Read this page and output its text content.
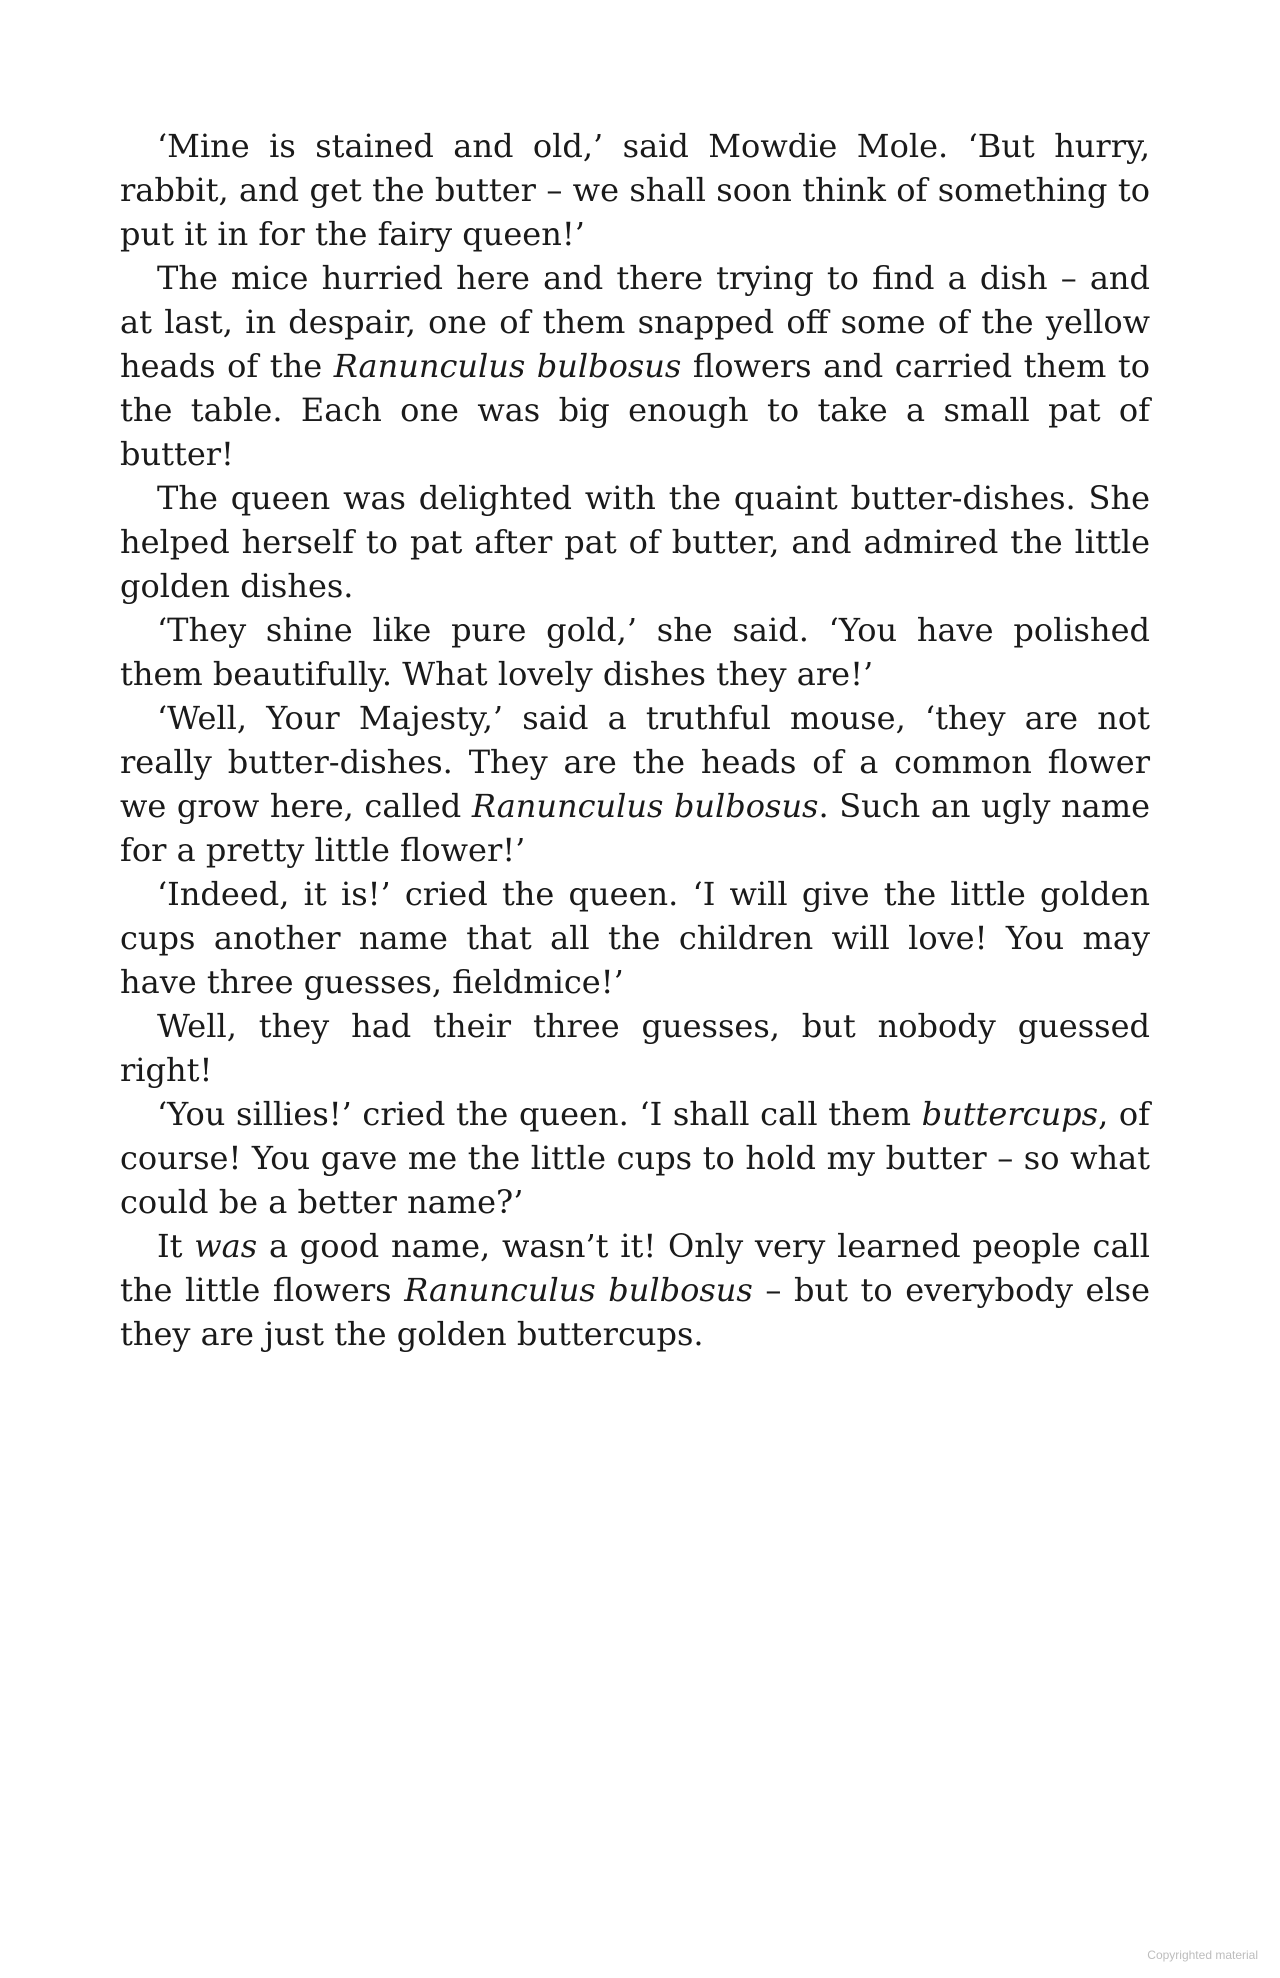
‘Mine is stained and old,’ said Mowdie Mole. ‘But hurry, rabbit, and get the butter – we shall soon think of something to put it in for the fairy queen!’

The mice hurried here and there trying to find a dish – and at last, in despair, one of them snapped off some of the yellow heads of the Ranunculus bulbosus flowers and carried them to the table. Each one was big enough to take a small pat of butter!

The queen was delighted with the quaint butter-dishes. She helped herself to pat after pat of butter, and admired the little golden dishes.

‘They shine like pure gold,’ she said. ‘You have polished them beautifully. What lovely dishes they are!’

‘Well, Your Majesty,’ said a truthful mouse, ‘they are not really butter-dishes. They are the heads of a common flower we grow here, called Ranunculus bulbosus. Such an ugly name for a pretty little flower!’

‘Indeed, it is!’ cried the queen. ‘I will give the little golden cups another name that all the children will love! You may have three guesses, fieldmice!’

Well, they had their three guesses, but nobody guessed right!

‘You sillies!’ cried the queen. ‘I shall call them buttercups, of course! You gave me the little cups to hold my butter – so what could be a better name?’

It was a good name, wasn’t it! Only very learned people call the little flowers Ranunculus bulbosus – but to everybody else they are just the golden buttercups.

Copyrighted material
